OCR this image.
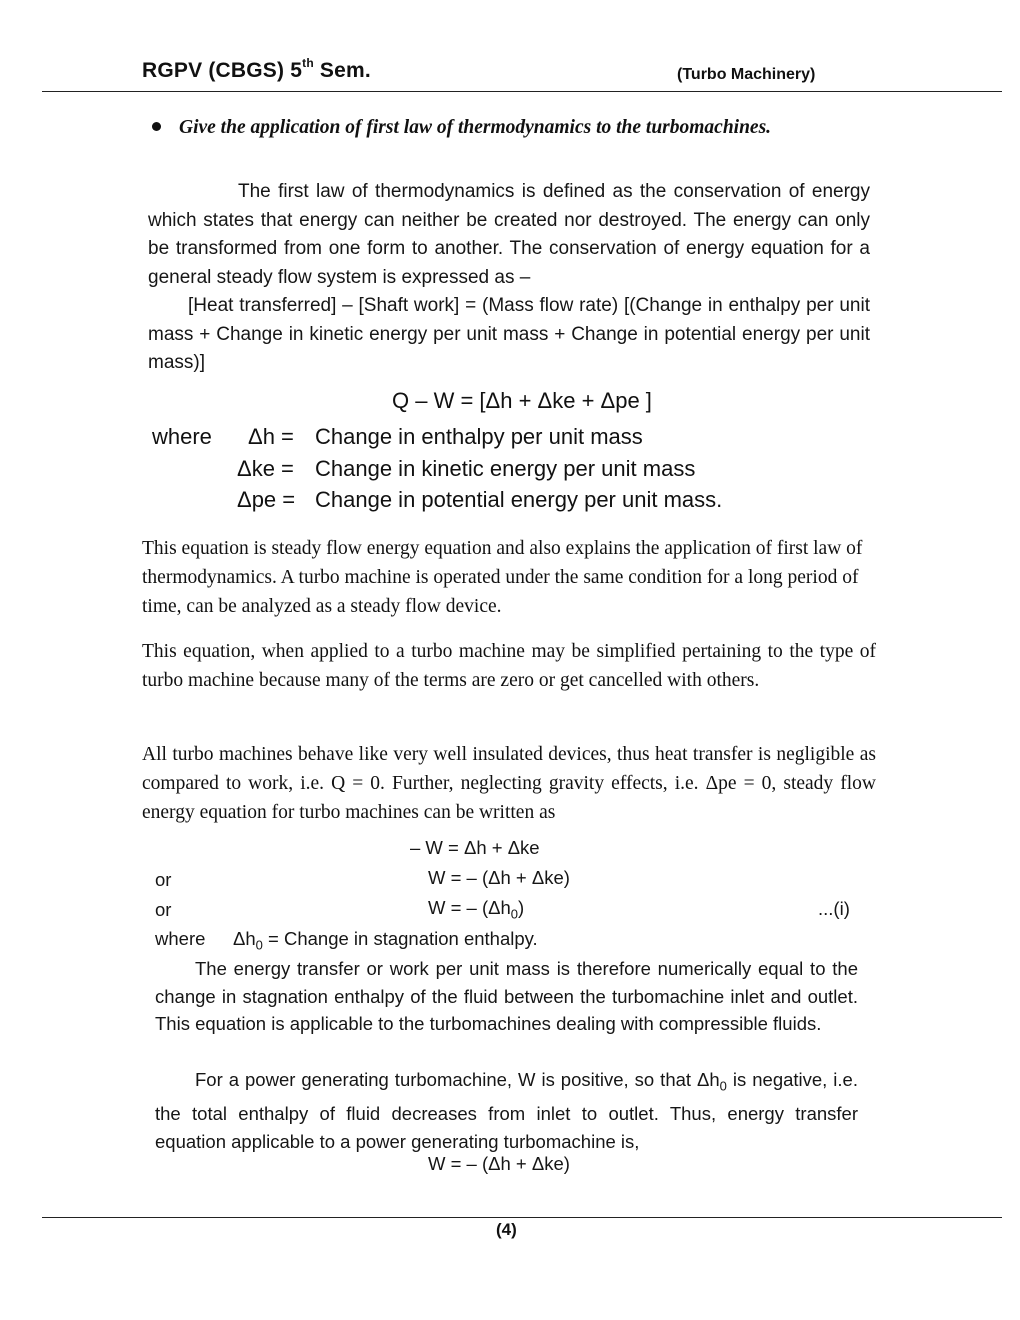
RGPV (CBGS) 5th Sem.	(Turbo Machinery)
Give the application of first law of thermodynamics to the turbomachines.
The first law of thermodynamics is defined as the conservation of energy which states that energy can neither be created nor destroyed. The energy can only be transformed from one form to another. The conservation of energy equation for a general steady flow system is expressed as –
[Heat transferred] – [Shaft work] = (Mass flow rate) [(Change in enthalpy per unit mass + Change in kinetic energy per unit mass + Change in potential energy per unit mass)]
Q – W = [Δh + Δke + Δpe ]
where Δh = Change in enthalpy per unit mass
Δke = Change in kinetic energy per unit mass
Δpe = Change in potential energy per unit mass.
This equation is steady flow energy equation and also explains the application of first law of thermodynamics. A turbo machine is operated under the same condition for a long period of time, can be analyzed as a steady flow device.
This equation, when applied to a turbo machine may be simplified pertaining to the type of turbo machine because many of the terms are zero or get cancelled with others.
All turbo machines behave like very well insulated devices, thus heat transfer is negligible as compared to work, i.e. Q = 0. Further, neglecting gravity effects, i.e. Δpe = 0, steady flow energy equation for turbo machines can be written as
– W = Δh + Δke
or	W = – (Δh + Δke)
or	W = – $(\Delta h_0)$	...(i)
where $\Delta h_0$ = Change in stagnation enthalpy.
The energy transfer or work per unit mass is therefore numerically equal to the change in stagnation enthalpy of the fluid between the turbomachine inlet and outlet. This equation is applicable to the turbomachines dealing with compressible fluids.
For a power generating turbomachine, W is positive, so that $\Delta h_0$ is negative, i.e. the total enthalpy of fluid decreases from inlet to outlet. Thus, energy transfer equation applicable to a power generating turbomachine is,
W = – (Δh + Δke)
(4)
